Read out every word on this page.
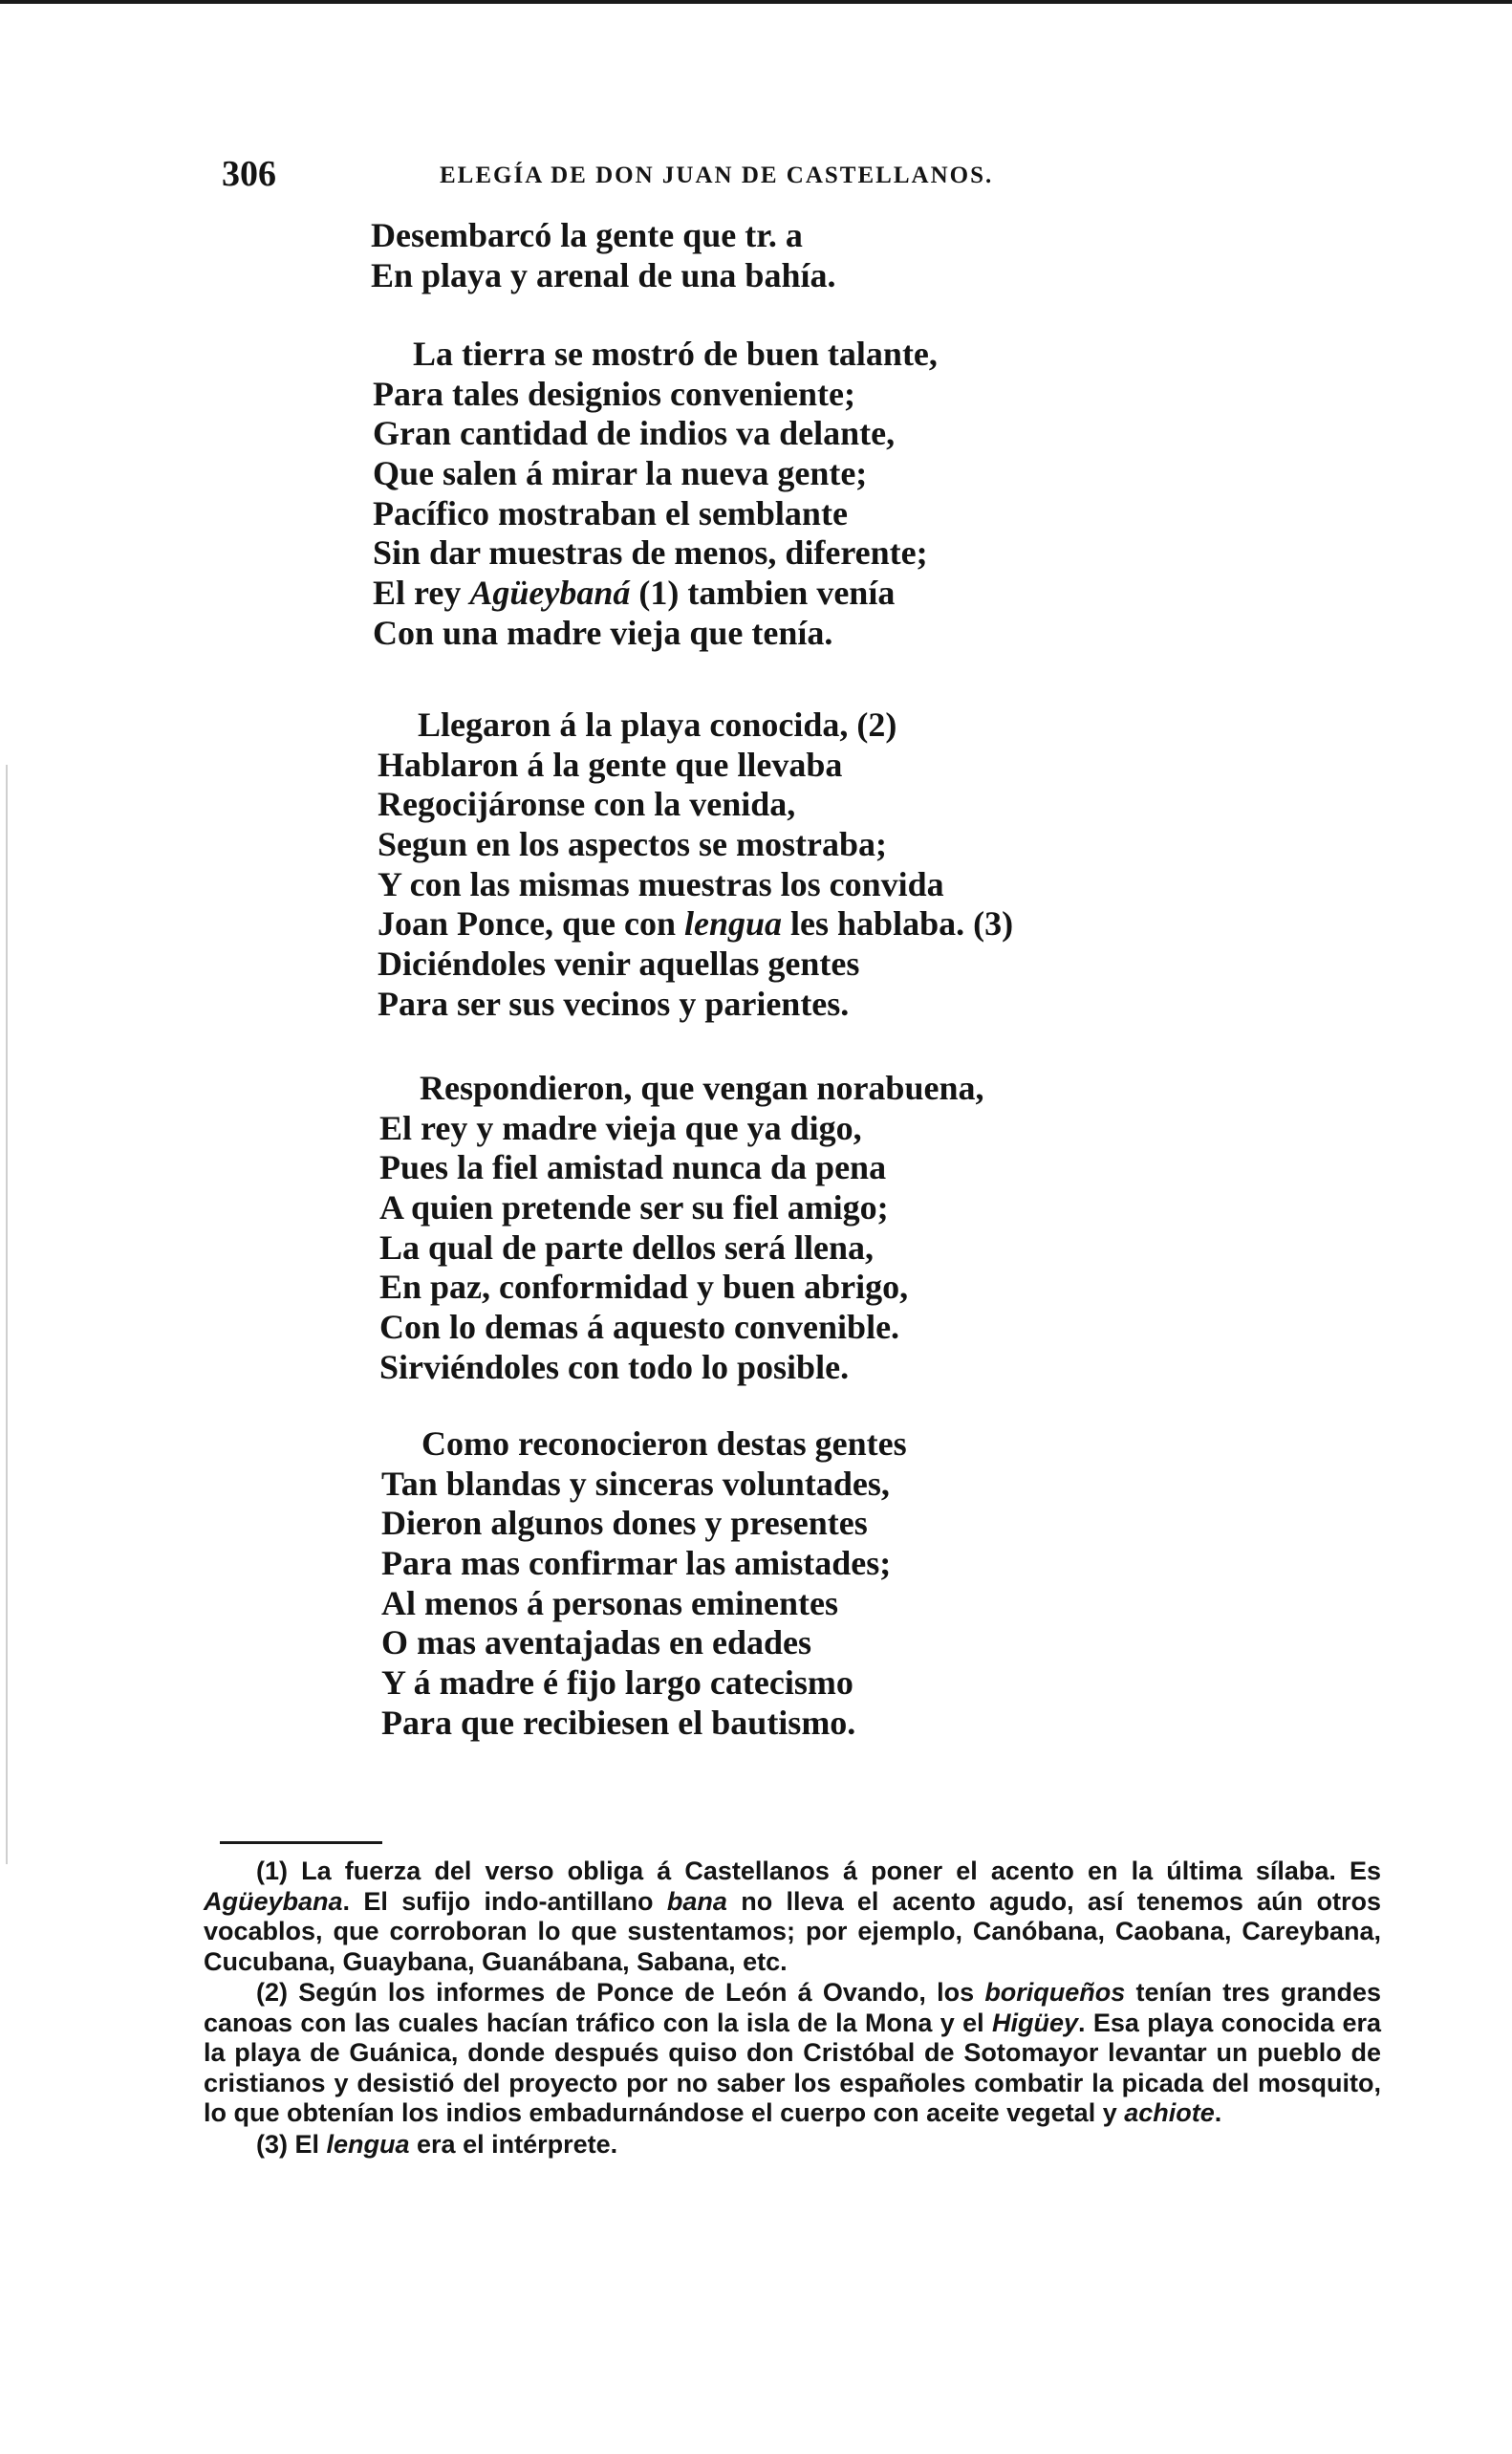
306	ELEGÍA DE DON JUAN DE CASTELLANOS.
Desembarcó la gente que tr. a
En playa y arenal de una bahía.
La tierra se mostró de buen talante,
Para tales designios conveniente;
Gran cantidad de indios va delante,
Que salen á mirar la nueva gente;
Pacífico mostraban el semblante
Sin dar muestras de menos, diferente;
El rey Agüeybaná (1) tambien venía
Con una madre vieja que tenía.
Llegaron á la playa conocida, (2)
Hablaron á la gente que llevaba
Regocijáronse con la venida,
Segun en los aspectos se mostraba;
Y con las mismas muestras los convida
Joan Ponce, que con lengua les hablaba. (3)
Diciéndoles venir aquellas gentes
Para ser sus vecinos y parientes.
Respondieron, que vengan norabuena,
El rey y madre vieja que ya digo,
Pues la fiel amistad nunca da pena
A quien pretende ser su fiel amigo;
La qual de parte dellos será llena,
En paz, conformidad y buen abrigo,
Con lo demas á aquesto convenible.
Sirviéndoles con todo lo posible.
Como reconocieron destas gentes
Tan blandas y sinceras voluntades,
Dieron algunos dones y presentes
Para mas confirmar las amistades;
Al menos á personas eminentes
O mas aventajadas en edades
Y á madre é fijo largo catecismo
Para que recibiesen el bautismo.

(1) La fuerza del verso obliga á Castellanos á poner el acento en la última sílaba. Es Agüeybana. El sufijo indo-antillano bana no lleva el acento agudo, así tenemos aún otros vocablos, que corroboran lo que sustentamos; por ejemplo, Canóbana, Caobana, Careybana, Cucubana, Guaybana, Guanábana, Sabana, etc.

(2) Según los informes de Ponce de León á Ovando, los boriqueños tenían tres grandes canoas con las cuales hacían tráfico con la isla de la Mona y el Higüey. Esa playa conocida era la playa de Guánica, donde después quiso don Cristóbal de Sotomayor levantar un pueblo de cristianos y desistió del proyecto por no saber los españoles combatir la picada del mosquito, lo que obtenían los indios embadurnándose el cuerpo con aceite vegetal y achiote.

(3) El lengua era el intérprete.
